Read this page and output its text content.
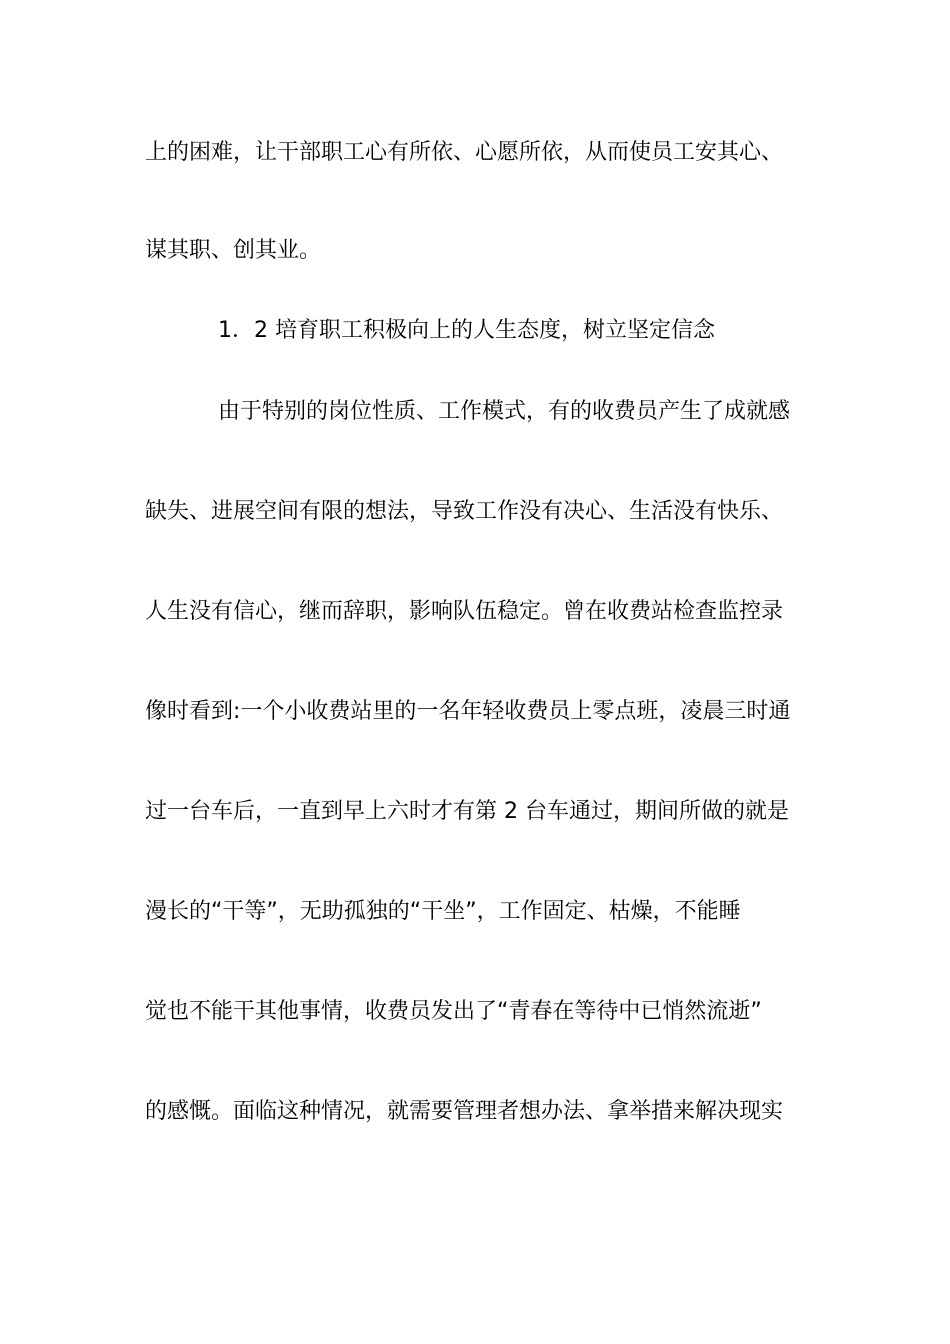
上的困难，让干部职工心有所依、心愿所依，从而使员工安其心、
谋其职、创其业。
1．2 培育职工积极向上的人生态度，树立坚定信念
由于特别的岗位性质、工作模式，有的收费员产生了成就感
缺失、进展空间有限的想法，导致工作没有决心、生活没有快乐、
人生没有信心，继而辞职，影响队伍稳定。曾在收费站检查监控录
像时看到:一个小收费站里的一名年轻收费员上零点班，凌晨三时通
过一台车后，一直到早上六时才有第 2 台车通过，期间所做的就是
漫长的“干等”，无助孤独的“干坐”，工作固定、枯燥，不能睡
觉也不能干其他事情，收费员发出了“青春在等待中已悄然流逝”
的感慨。面临这种情况，就需要管理者想办法、拿举措来解决现实
